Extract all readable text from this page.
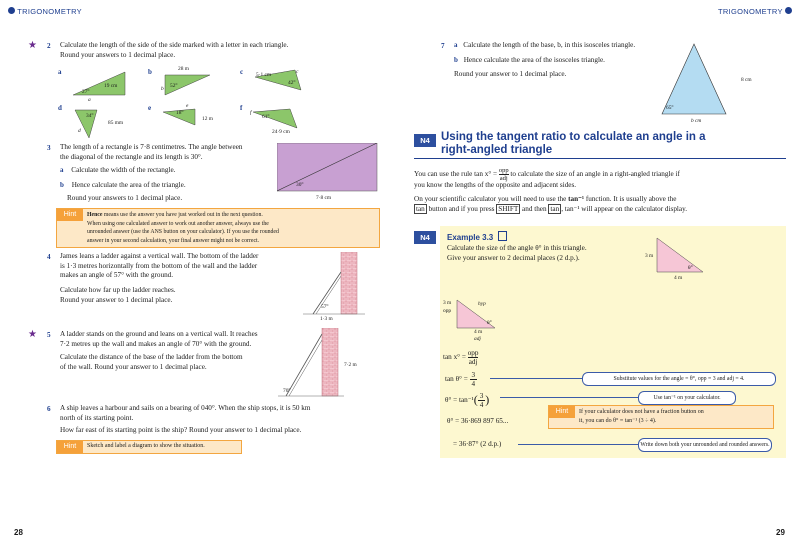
TRIGONOMETRY	TRIGONOMETRY
★ 2 Calculate the length of the side of the side marked with a letter in each triangle.
Round your answers to 1 decimal place.
a
19 cm
27°
a
b	28 m
52°
b
c 5·1 cm
42°
c
d
85 mm
34°
d
e
12 m
18°
e	f
24·9 cm
61°
f
3 The length of a rectangle is 7·8 centimetres. The angle between
the diagonal of the rectangle and its length is 30°.
a Calculate the width of the rectangle.
b Hence calculate the area of the triangle.
Round your answers to 1 decimal place.
30°
7·8 cm
Hint	Hence means use the answer you have just worked out in the next question.
When using one calculated answer to work out another answer, always use the
unrounded answer (use the ANS button on your calculator). If you use the rounded
answer in your second calculation, your final answer might not be correct.
4 James leans a ladder against a vertical wall. The bottom of the ladder
is 1·3 metres horizontally from the bottom of the wall and the ladder
makes an angle of 57° with the ground.
Calculate how far up the ladder reaches.
Round your answer to 1 decimal place.
57°
1·3 m
★ 5 A ladder stands on the ground and leans on a vertical wall. It reaches
7·2 metres up the wall and makes an angle of 70° with the ground.
Calculate the distance of the base of the ladder from the bottom
of the wall. Round your answer to 1 decimal place.
70°
7·2 m
6 A ship leaves a harbour and sails on a bearing of 040°. When the ship stops, it is 50 km
north of its starting point.
How far east of its starting point is the ship? Round your answer to 1 decimal place.
Hint	Sketch and label a diagram to show the situation.
28
7 a Calculate the length of the base, b, in this isosceles triangle.
b Hence calculate the area of the isosceles triangle.
Round your answer to 1 decimal place.
8 cm
65°
b cm
N4 Using the tangent ratio to calculate an angle in a
right-angled triangle
You can use the rule tan x° = opp
adj
to calculate the size of an angle in a right-angled triangle if
you know the lengths of the opposite and adjacent sides.
On your scientific calculator you will need to use the tan⁻¹ function. It is usually above the
tan button and if you press SHIFT and then tan , tan⁻¹ will appear on the calculator display.
N4	Example 3.3
Calculate the size of the angle θ° in this triangle.
Give your answer to 2 decimal places (2 d.p.).	3 m
4 m
θ°
3 m
opp
hyp
4 m
adj
θ°
tan x° =
opp
adj
$\tan \theta^\circ = \frac{3}{4}$
$\theta^\circ = \tan^{-1}( \frac{3}{4}$ )
θ° = 36·869 897 65...
= 36·87° (2 d.p.)
Substitute values for the angle = θ°, opp = 3 and adj = 4.
Use tan⁻¹ on your calculator.
Write down both your unrounded and rounded answers.
Hint	If your calculator does not have a fraction button on
it, you can do θ° = tan⁻¹ (3 ÷ 4).
29
